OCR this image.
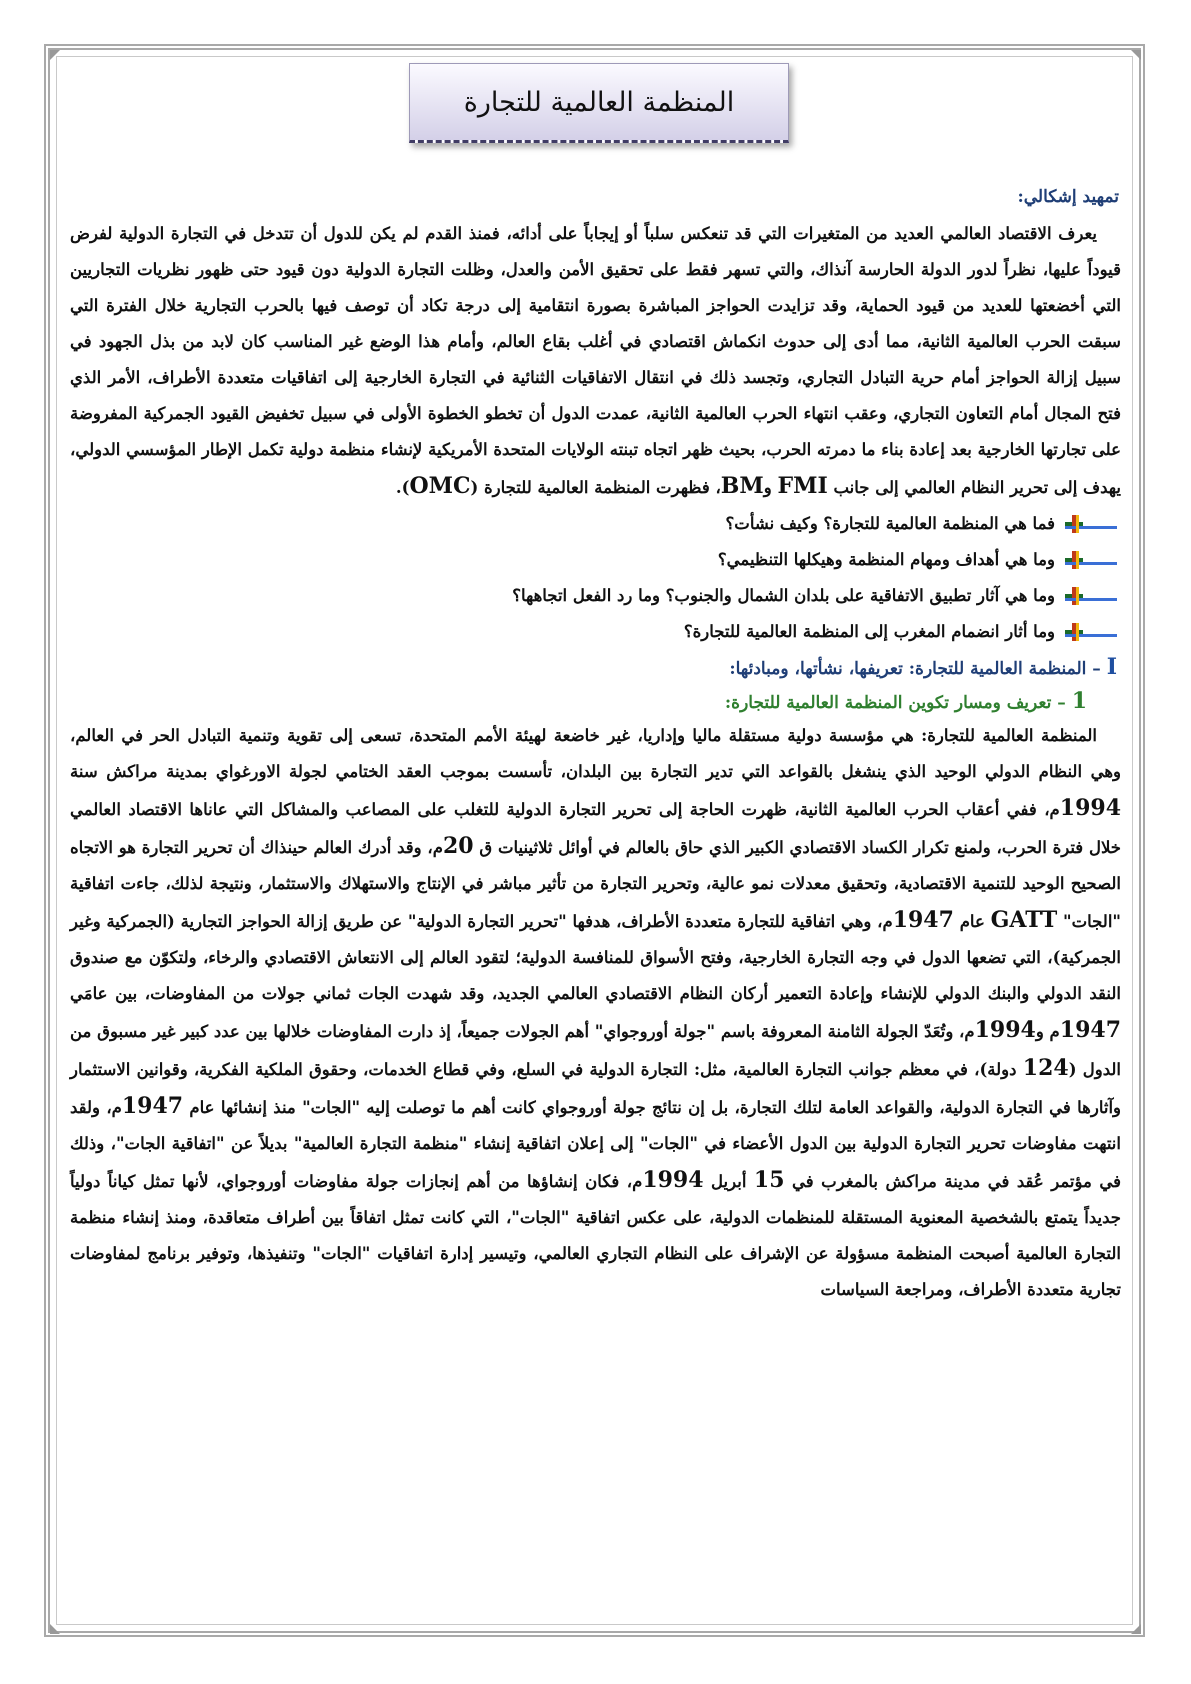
المنظمة العالمية للتجارة
تمهيد إشكالي:

يعرف الاقتصاد العالمي العديد من المتغيرات التي قد تنعكس سلباً أو إيجاباً على أدائه، فمنذ القدم لم يكن للدول أن تتدخل في التجارة الدولية لفرض قيوداً عليها، نظراً لدور الدولة الحارسة آنذاك، والتي تسهر فقط على تحقيق الأمن والعدل، وظلت التجارة الدولية دون قيود حتى ظهور نظريات التجاريين التي أخضعتها للعديد من قيود الحماية، وقد تزايدت الحواجز المباشرة بصورة انتقامية إلى درجة تكاد أن توصف فيها بالحرب التجارية خلال الفترة التي سبقت الحرب العالمية الثانية، مما أدى إلى حدوث انكماش اقتصادي في أغلب بقاع العالم، وأمام هذا الوضع غير المناسب كان لابد من بذل الجهود في سبيل إزالة الحواجز أمام حرية التبادل التجاري، وتجسد ذلك في انتقال الاتفاقيات الثنائية في التجارة الخارجية إلى اتفاقيات متعددة الأطراف، الأمر الذي فتح المجال أمام التعاون التجاري، وعقب انتهاء الحرب العالمية الثانية، عمدت الدول أن تخطو الخطوة الأولى في سبيل تخفيض القيود الجمركية المفروضة على تجارتها الخارجية بعد إعادة بناء ما دمرته الحرب، بحيث ظهر اتجاه تبنته الولايات المتحدة الأمريكية لإنشاء منظمة دولية تكمل الإطار المؤسسي الدولي، يهدف إلى تحرير النظام العالمي إلى جانب FMI وBM، فظهرت المنظمة العالمية للتجارة (OMC).

فما هي المنظمة العالمية للتجارة؟ وكيف نشأت؟
وما هي أهداف ومهام المنظمة وهيكلها التنظيمي؟
وما هي آثار تطبيق الاتفاقية على بلدان الشمال والجنوب؟ وما رد الفعل اتجاهها؟
وما أثار انضمام المغرب إلى المنظمة العالمية للتجارة؟
I – المنظمة العالمية للتجارة: تعريفها، نشأتها، ومبادئها:
1 – تعريف ومسار تكوين المنظمة العالمية للتجارة:

المنظمة العالمية للتجارة: هي مؤسسة دولية مستقلة ماليا وإداريا، غير خاضعة لهيئة الأمم المتحدة، تسعى إلى تقوية وتنمية التبادل الحر في العالم، وهي النظام الدولي الوحيد الذي ينشغل بالقواعد التي تدير التجارة بين البلدان، تأسست بموجب العقد الختامي لجولة الاورغواي بمدينة مراكش سنة 1994م، ففي أعقاب الحرب العالمية الثانية، ظهرت الحاجة إلى تحرير التجارة الدولية للتغلب على المصاعب والمشاكل التي عاناها الاقتصاد العالمي خلال فترة الحرب، ولمنع تكرار الكساد الاقتصادي الكبير الذي حاق بالعالم في أوائل ثلاثينيات ق 20م، وقد أدرك العالم حينذاك أن تحرير التجارة هو الاتجاه الصحيح الوحيد للتنمية الاقتصادية، وتحقيق معدلات نمو عالية، وتحرير التجارة من تأثير مباشر في الإنتاج والاستهلاك والاستثمار، ونتيجة لذلك، جاءت اتفاقية "الجات" GATT عام 1947م، وهي اتفاقية للتجارة متعددة الأطراف، هدفها "تحرير التجارة الدولية" عن طريق إزالة الحواجز التجارية (الجمركية وغير الجمركية)، التي تضعها الدول في وجه التجارة الخارجية، وفتح الأسواق للمنافسة الدولية؛ لتقود العالم إلى الانتعاش الاقتصادي والرخاء، ولتكوّن مع صندوق النقد الدولي والبنك الدولي للإنشاء وإعادة التعمير أركان النظام الاقتصادي العالمي الجديد، وقد شهدت الجات ثماني جولات من المفاوضات، بين عامَي 1947م و1994م، وتُعَدّ الجولة الثامنة المعروفة باسم "جولة أوروجواي" أهم الجولات جميعاً، إذ دارت المفاوضات خلالها بين عدد كبير غير مسبوق من الدول (124 دولة)، في معظم جوانب التجارة العالمية، مثل: التجارة الدولية في السلع، وفي قطاع الخدمات، وحقوق الملكية الفكرية، وقوانين الاستثمار وآثارها في التجارة الدولية، والقواعد العامة لتلك التجارة، بل إن نتائج جولة أوروجواي كانت أهم ما توصلت إليه "الجات" منذ إنشائها عام 1947م، ولقد انتهت مفاوضات تحرير التجارة الدولية بين الدول الأعضاء في "الجات" إلى إعلان اتفاقية إنشاء "منظمة التجارة العالمية" بديلاً عن "اتفاقية الجات"، وذلك في مؤتمر عُقد في مدينة مراكش بالمغرب في 15 أبريل 1994م، فكان إنشاؤها من أهم إنجازات جولة مفاوضات أوروجواي، لأنها تمثل كياناً دولياً جديداً يتمتع بالشخصية المعنوية المستقلة للمنظمات الدولية، على عكس اتفاقية "الجات"، التي كانت تمثل اتفاقاً بين أطراف متعاقدة، ومنذ إنشاء منظمة التجارة العالمية أصبحت المنظمة مسؤولة عن الإشراف على النظام التجاري العالمي، وتيسير إدارة اتفاقيات "الجات" وتنفيذها، وتوفير برنامج لمفاوضات تجارية متعددة الأطراف، ومراجعة السياسات
